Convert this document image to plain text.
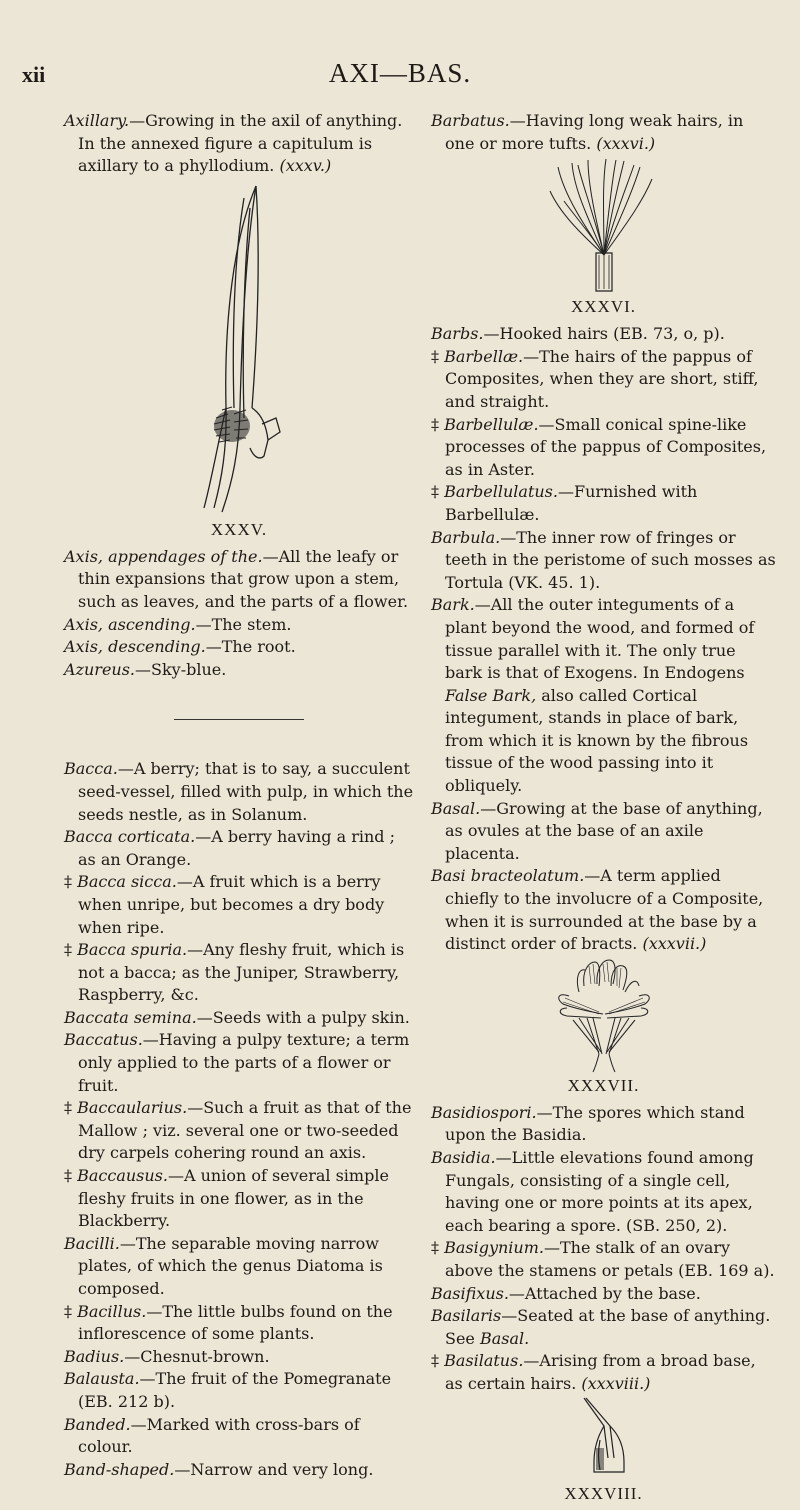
xii	AXI—BAS.

Axillary.—Growing in the axil of anything. In the annexed figure a capitulum is axillary to a phyllodium. (xxxv.)

XXXV.

Axis, appendages of the.—All the leafy or thin expansions that grow upon a stem, such as leaves, and the parts of a flower.

Axis, ascending.—The stem.

Axis, descending.—The root.

Azureus.—Sky-blue.

Bacca.—A berry; that is to say, a succulent seed-vessel, filled with pulp, in which the seeds nestle, as in Solanum.

Bacca corticata.—A berry having a rind ; as an Orange.

‡ Bacca sicca.—A fruit which is a berry when unripe, but becomes a dry body when ripe.

‡ Bacca spuria.—Any fleshy fruit, which is not a bacca; as the Juniper, Strawberry, Raspberry, &c.

Baccata semina.—Seeds with a pulpy skin.

Baccatus.—Having a pulpy texture; a term only applied to the parts of a flower or fruit.

‡ Baccaularius.—Such a fruit as that of the Mallow ; viz. several one or two-seeded dry carpels cohering round an axis.

‡ Baccausus.—A union of several simple fleshy fruits in one flower, as in the Blackberry.

Bacilli.—The separable moving narrow plates, of which the genus Diatoma is composed.

‡ Bacillus.—The little bulbs found on the inflorescence of some plants.

Badius.—Chesnut-brown.

Balausta.—The fruit of the Pomegranate (EB. 212 b).

Banded.—Marked with cross-bars of colour.

Band-shaped.—Narrow and very long.

Barbatus.—Having long weak hairs, in one or more tufts. (xxxvi.)

XXXVI.

Barbs.—Hooked hairs (EB. 73, o, p).

‡ Barbellæ.—The hairs of the pappus of Composites, when they are short, stiff, and straight.

‡ Barbellulæ.—Small conical spine-like processes of the pappus of Composites, as in Aster.

‡ Barbellulatus.—Furnished with Barbellulæ.

Barbula.—The inner row of fringes or teeth in the peristome of such mosses as Tortula (VK. 45. 1).

Bark.—All the outer integuments of a plant beyond the wood, and formed of tissue parallel with it. The only true bark is that of Exogens. In Endogens False Bark, also called Cortical integument, stands in place of bark, from which it is known by the fibrous tissue of the wood passing into it obliquely.

Basal.—Growing at the base of anything, as ovules at the base of an axile placenta.

Basi bracteolatum.—A term applied chiefly to the involucre of a Composite, when it is surrounded at the base by a distinct order of bracts. (xxxvii.)

XXXVII.

Basidiospori.—The spores which stand upon the Basidia.

Basidia.—Little elevations found among Fungals, consisting of a single cell, having one or more points at its apex, each bearing a spore. (SB. 250, 2).

‡ Basigynium.—The stalk of an ovary above the stamens or petals (EB. 169 a).

Basifixus.—Attached by the base.

Basilaris—Seated at the base of anything. See Basal.

‡ Basilatus.—Arising from a broad base, as certain hairs. (xxxviii.)

XXXVIII.
